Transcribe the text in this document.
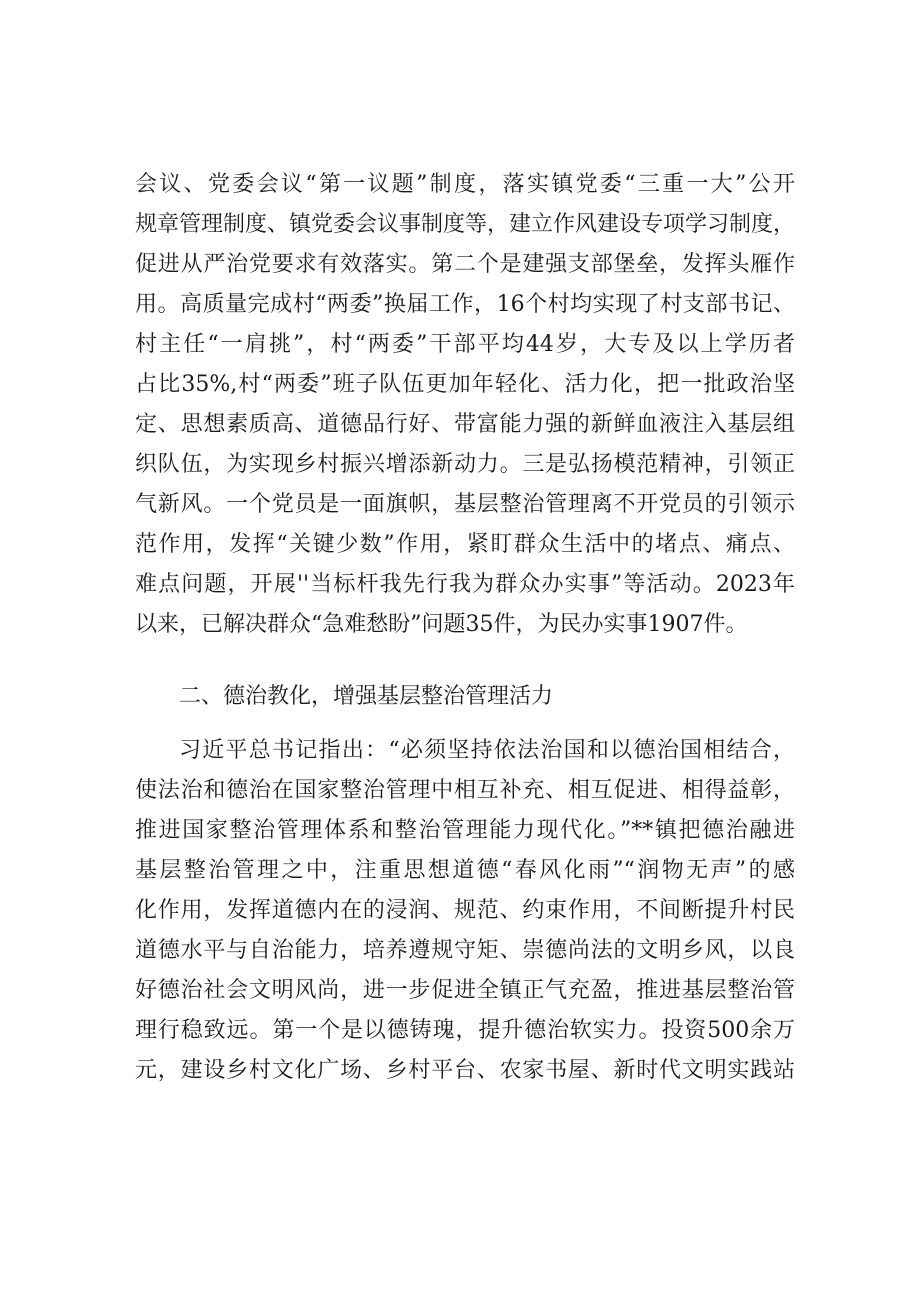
会议、党委会议“第一议题”制度，落实镇党委“三重一大”公开
规章管理制度、镇党委会议事制度等，建立作风建设专项学习制度，
促进从严治党要求有效落实。第二个是建强支部堡垒，发挥头雁作
用。高质量完成村“两委”换届工作，16个村均实现了村支部书记、
村主任“一肩挑”，村“两委”干部平均44岁，大专及以上学历者
占比35%,村“两委”班子队伍更加年轻化、活力化，把一批政治坚
定、思想素质高、道德品行好、带富能力强的新鲜血液注入基层组
织队伍，为实现乡村振兴增添新动力。三是弘扬模范精神，引领正
气新风。一个党员是一面旗帜，基层整治管理离不开党员的引领示
范作用，发挥“关键少数”作用，紧盯群众生活中的堵点、痛点、
难点问题，开展''当标杆我先行我为群众办实事”等活动。2023年
以来，已解决群众“急难愁盼”问题35件，为民办实事1907件。
二、德治教化，增强基层整治管理活力
习近平总书记指出：“必须坚持依法治国和以德治国相结合，
使法治和德治在国家整治管理中相互补充、相互促进、相得益彰，
推进国家整治管理体系和整治管理能力现代化。”**镇把德治融进
基层整治管理之中，注重思想道德“春风化雨”“润物无声”的感
化作用，发挥道德内在的浸润、规范、约束作用，不间断提升村民
道德水平与自治能力，培养遵规守矩、崇德尚法的文明乡风，以良
好德治社会文明风尚，进一步促进全镇正气充盈，推进基层整治管
理行稳致远。第一个是以德铸瑰，提升德治软实力。投资500余万
元，建设乡村文化广场、乡村平台、农家书屋、新时代文明实践站
